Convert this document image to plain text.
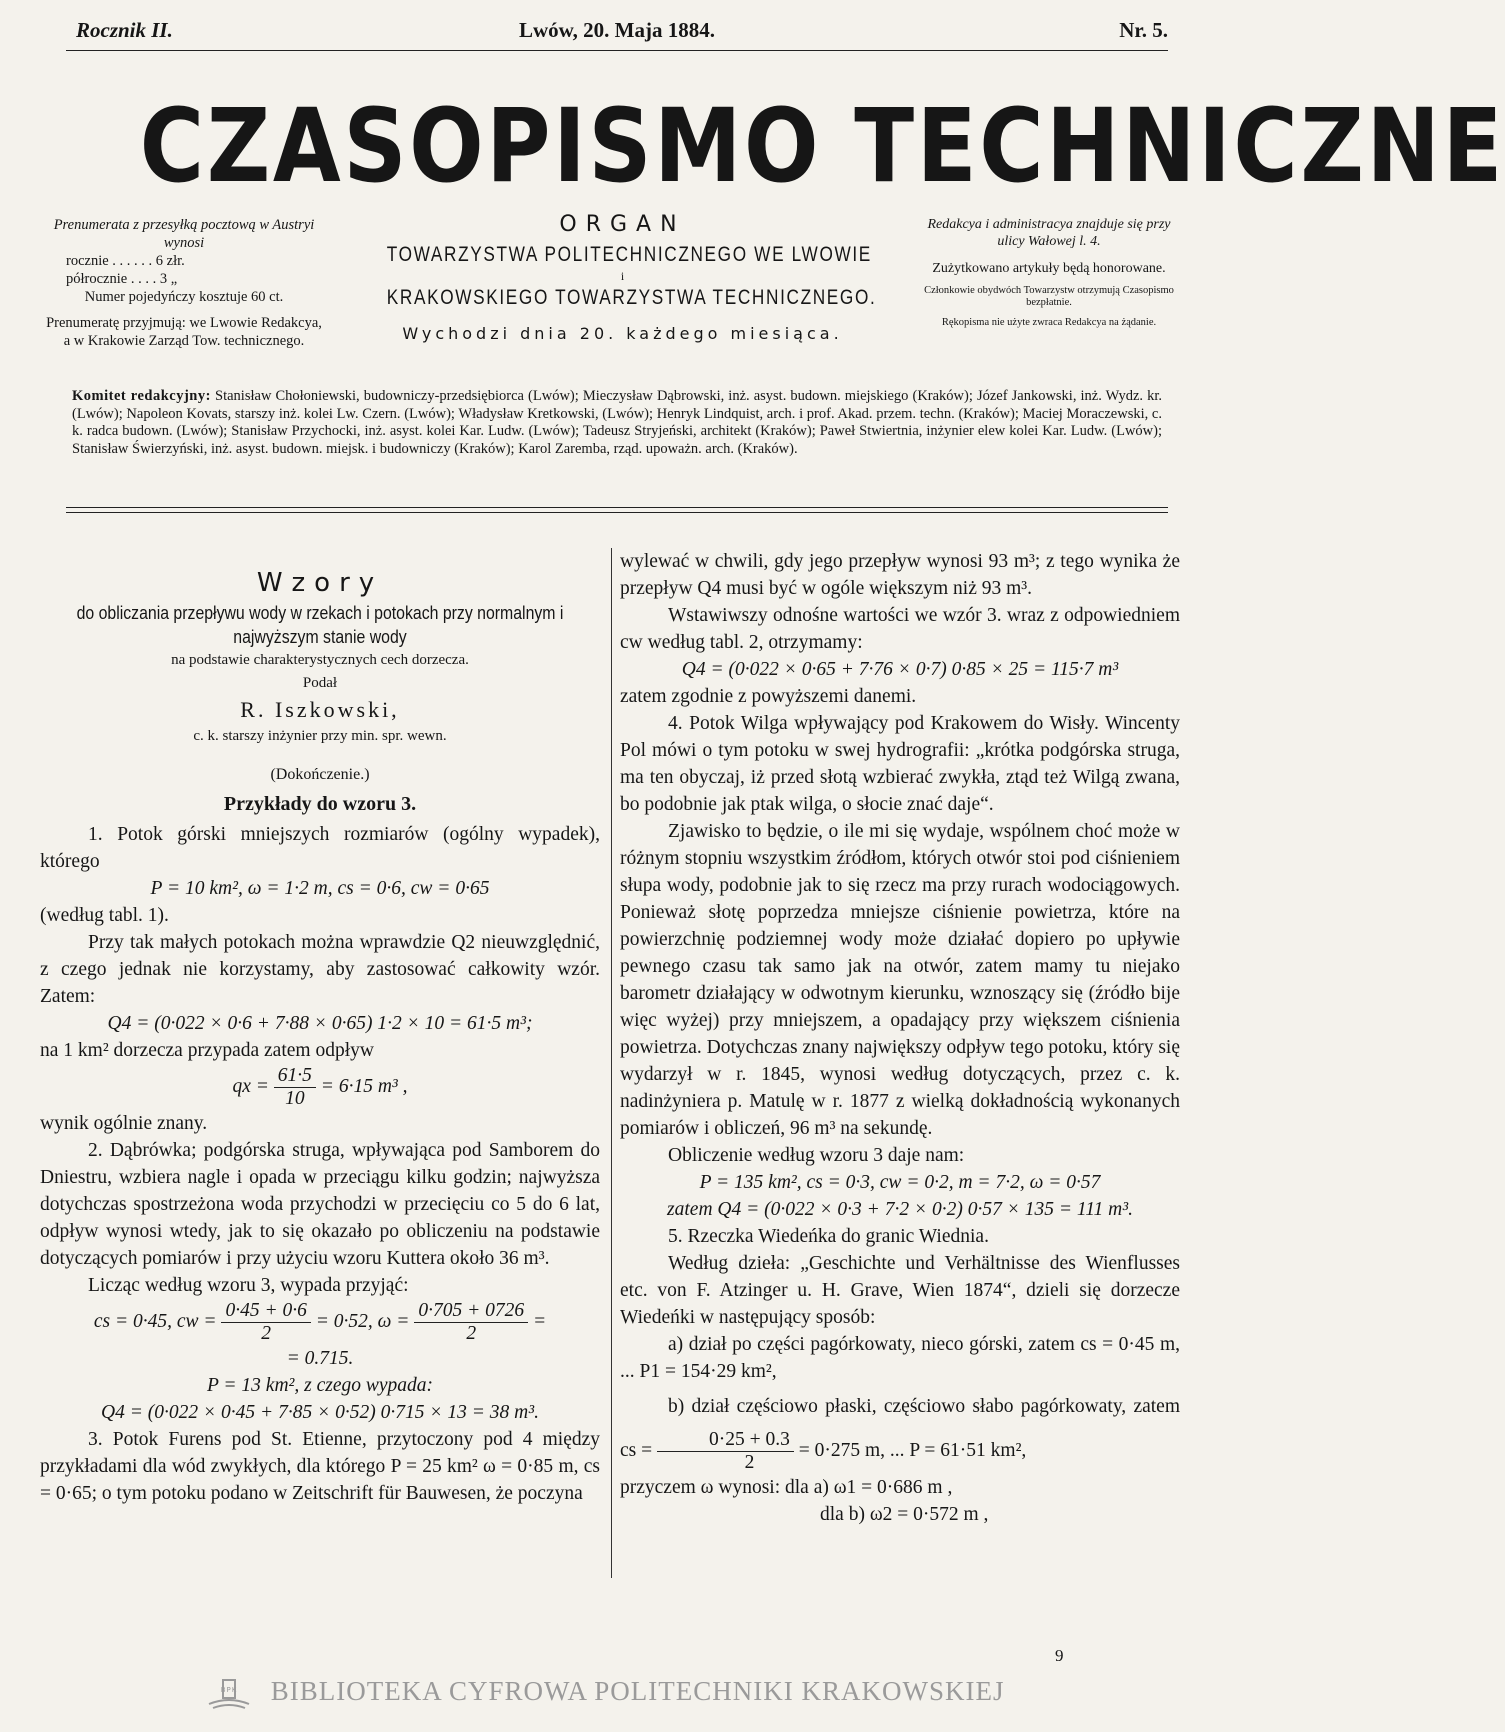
Rocznik II.	Lwów, 20. Maja 1884.	Nr. 5.
CZASOPISMO TECHNICZNE
Prenumerata z przesyłką pocztową w Austryi wynosi
rocznie . . . . . . 6 złr.
półrocznie . . . . 3 „
Numer pojedyńczy kosztuje 60 ct.
Prenumeratę przyjmują: we Lwowie Redakcya, a w Krakowie Zarząd Tow. technicznego.
ORGAN
TOWARZYSTWA POLITECHNICZNEGO WE LWOWIE
i
KRAKOWSKIEGO TOWARZYSTWA TECHNICZNEGO.
Wychodzi dnia 20. każdego miesiąca.
Redakcya i administracya znajduje się przy ulicy Wałowej l. 4.
Zużytkowano artykuły będą honorowane.
Członkowie obydwóch Towarzystw otrzymują Czasopismo bezpłatnie.
Rękopisma nie użyte zwraca Redakcya na żądanie.
Komitet redakcyjny: Stanisław Chołoniewski, budowniczy-przedsiębiorca (Lwów); Mieczysław Dąbrowski, inż. asyst. budown. miejskiego (Kraków); Józef Jankowski, inż. Wydz. kr. (Lwów); Napoleon Kovats, starszy inż. kolei Lw. Czern. (Lwów); Władysław Kretkowski, (Lwów); Henryk Lindquist, arch. i prof. Akad. przem. techn. (Kraków); Maciej Moraczewski, c. k. radca budown. (Lwów); Stanisław Przychocki, inż. asyst. kolei Kar. Ludw. (Lwów); Tadeusz Stryjeński, architekt (Kraków); Paweł Stwiertnia, inżynier elew kolei Kar. Ludw. (Lwów); Stanisław Świerzyński, inż. asyst. budown. miejsk. i budowniczy (Kraków); Karol Zaremba, rząd. upoważn. arch. (Kraków).

Wzory

do obliczania przepływu wody w rzekach i potokach przy normalnym i najwyższym stanie wody

na podstawie charakterystycznych cech dorzecza.

Podał

R. Iszkowski,

c. k. starszy inżynier przy min. spr. wewn.

(Dokończenie.)

Przykłady do wzoru 3.

1. Potok górski mniejszych rozmiarów (ogólny wypadek), którego

P = 10 km², ω = 1·2 m, cs = 0·6, cw = 0·65

(według tabl. 1).

Przy tak małych potokach można wprawdzie Q2 nieuwzględnić, z czego jednak nie korzystamy, aby zastosować całkowity wzór. Zatem:

Q4 = (0·022 × 0·6 + 7·88 × 0·65) 1·2 × 10 = 61·5 m³;

na 1 km² dorzecza przypada zatem odpływ

qx = $\frac{61\cdot 5}{10} = 6\cdot 15$ m³ ,

wynik ogólnie znany.

2. Dąbrówka; podgórska struga, wpływająca pod Samborem do Dniestru, wzbiera nagle i opada w przeciągu kilku godzin; najwyższa dotychczas spostrzeżona woda przychodzi w przecięciu co 5 do 6 lat, odpływ wynosi wtedy, jak to się okazało po obliczeniu na podstawie dotyczących pomiarów i przy użyciu wzoru Kuttera około 36 m³.

Licząc według wzoru 3, wypada przyjąć:

cs = 0·45, cw = $\frac{0\cdot 45 + 0\cdot 6}{2} = 0\cdot 52$, $\omega = \frac{0\cdot 705 + 0726}{2}$ =

= 0.715.

P = 13 km², z czego wypada:

Q4 = (0·022 × 0·45 + 7·85 × 0·52) 0·715 × 13 = 38 m³.

3. Potok Furens pod St. Etienne, przytoczony pod 4 między przykładami dla wód zwykłych, dla którego P = 25 km² ω = 0·85 m, cs = 0·65; o tym potoku podano w Zeitschrift für Bauwesen, że poczyna

wylewać w chwili, gdy jego przepływ wynosi 93 m³; z tego wynika że przepływ Q4 musi być w ogóle większym niż 93 m³.

Wstawiwszy odnośne wartości we wzór 3. wraz z odpowiedniem cw według tabl. 2, otrzymamy:

Q4 = (0·022 × 0·65 + 7·76 × 0·7) 0·85 × 25 = 115·7 m³

zatem zgodnie z powyższemi danemi.

4. Potok Wilga wpływający pod Krakowem do Wisły. Wincenty Pol mówi o tym potoku w swej hydrografii: „krótka podgórska struga, ma ten obyczaj, iż przed słotą wzbierać zwykła, ztąd też Wilgą zwana, bo podobnie jak ptak wilga, o słocie znać daje“.

Zjawisko to będzie, o ile mi się wydaje, wspólnem choć może w różnym stopniu wszystkim źródłom, których otwór stoi pod ciśnieniem słupa wody, podobnie jak to się rzecz ma przy rurach wodociągowych. Ponieważ słotę poprzedza mniejsze ciśnienie powietrza, które na powierzchnię podziemnej wody może działać dopiero po upływie pewnego czasu tak samo jak na otwór, zatem mamy tu niejako barometr działający w odwotnym kierunku, wznoszący się (źródło bije więc wyżej) przy mniejszem, a opadający przy większem ciśnienia powietrza. Dotychczas znany największy odpływ tego potoku, który się wydarzył w r. 1845, wynosi według dotyczących, przez c. k. nadinżyniera p. Matulę w r. 1877 z wielką dokładnością wykonanych pomiarów i obliczeń, 96 m³ na sekundę.

Obliczenie według wzoru 3 daje nam:

P = 135 km², cs = 0·3, cw = 0·2, m = 7·2, ω = 0·57

zatem Q4 = (0·022 × 0·3 + 7·2 × 0·2) 0·57 × 135 = 111 m³.

5. Rzeczka Wiedeńka do granic Wiednia.

Według dzieła: „Geschichte und Verhältnisse des Wienflusses etc. von F. Atzinger u. H. Grave, Wien 1874“, dzieli się dorzecze Wiedeńki w następujący sposób:

a) dział po części pagórkowaty, nieco górski, zatem cs = 0·45 m, ... P1 = 154·29 km²,

b) dział częściowo płaski, częściowo słabo pagórkowaty, zatem cs = $\frac{0\cdot 25 + 0.3}{2} = 0\cdot 275$ m, ... P = 61·51 km²,

przyczem ω wynosi: dla a) ω1 = 0·686 m ,

dla b) ω2 = 0·572 m ,

9
BPK BIBLIOTEKA CYFROWA POLITECHNIKI KRAKOWSKIEJ
